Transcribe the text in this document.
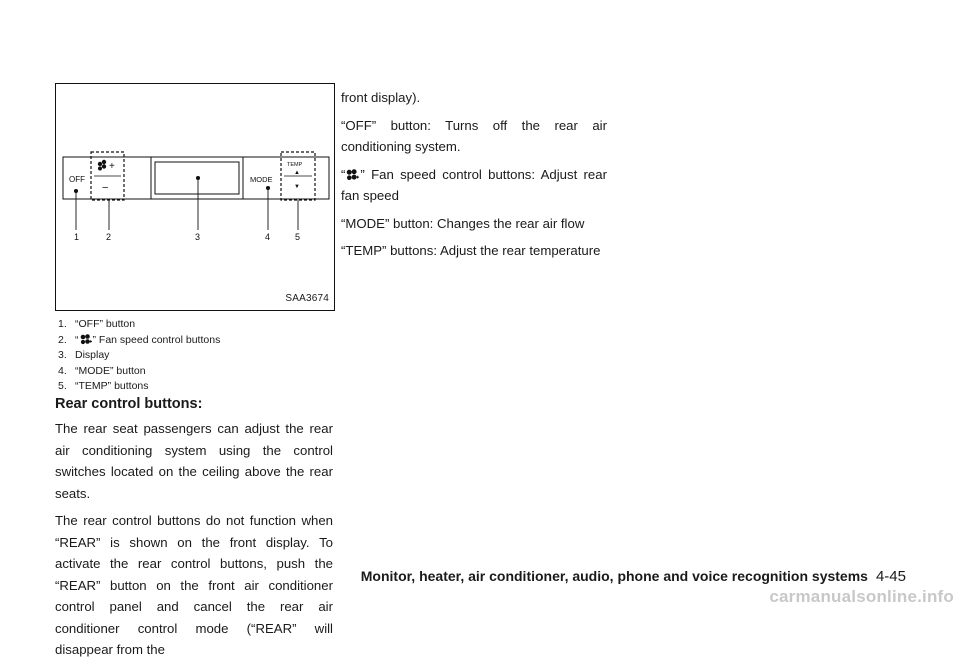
OFF
+
−
MODE
TEMP
▲
▼
1	2	3	4	5
SAA3674
1. “OFF” button
2. “ ” Fan speed control buttons
3. Display
4. “MODE” button
5. “TEMP” buttons
Rear control buttons:

The rear seat passengers can adjust the rear air conditioning system using the control switches located on the ceiling above the rear seats.

The rear control buttons do not function when “REAR” is shown on the front display. To activate the rear control buttons, push the “REAR” button on the front air conditioner control panel and cancel the rear air conditioner control mode (“REAR” will disappear from the

front display).

“OFF” button: Turns off the rear air conditioning system.

“ ” Fan speed control buttons: Adjust rear fan speed

“MODE” button: Changes the rear air flow

“TEMP” buttons: Adjust the rear temperature

Monitor, heater, air conditioner, audio, phone and voice recognition systems 4-45
carmanualsonline.info
